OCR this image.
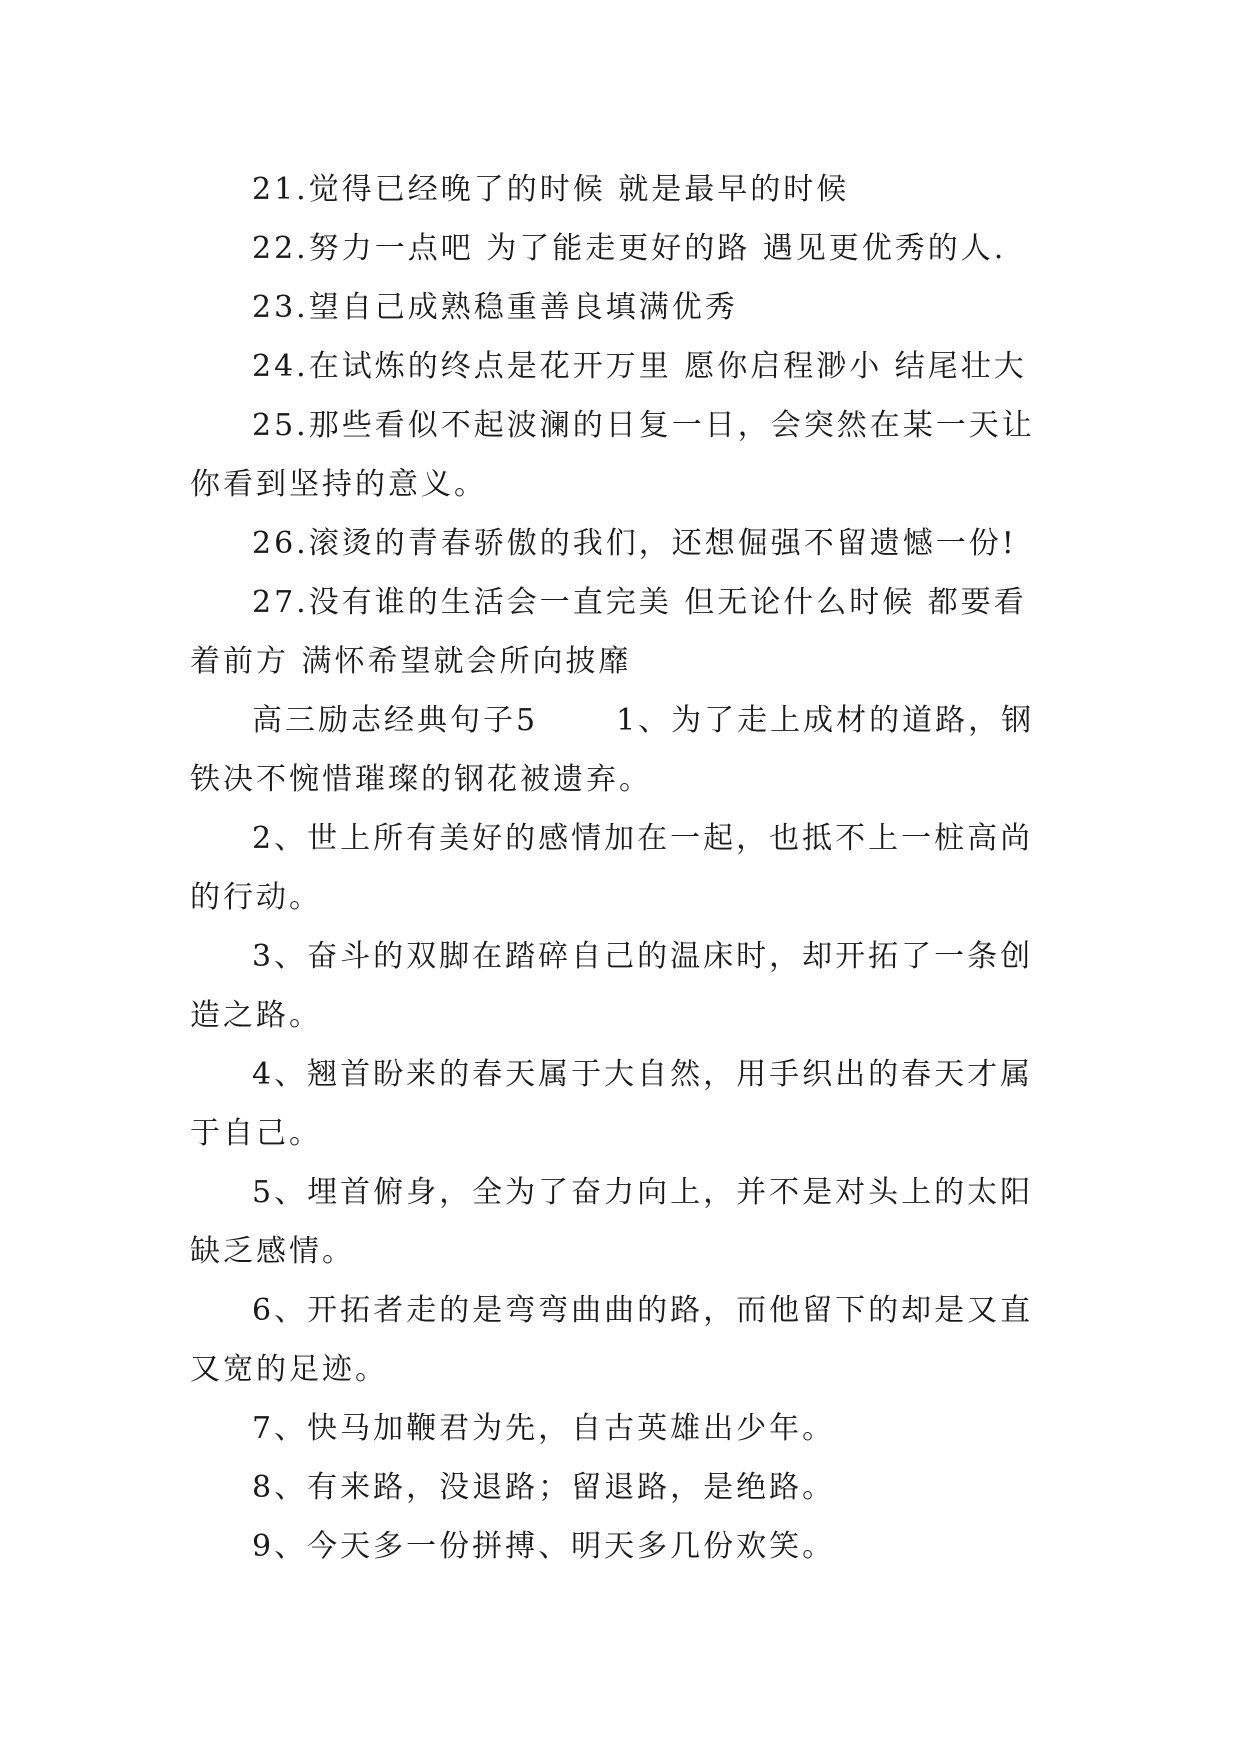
21.觉得已经晚了的时候 就是最早的时候

22.努力一点吧 为了能走更好的路 遇见更优秀的人.

23.望自己成熟稳重善良填满优秀

24.在试炼的终点是花开万里 愿你启程渺小 结尾壮大

25.那些看似不起波澜的日复一日，会突然在某一天让你看到坚持的意义。

26.滚烫的青春骄傲的我们，还想倔强不留遗憾一份!

27.没有谁的生活会一直完美 但无论什么时候 都要看着前方 满怀希望就会所向披靡

高三励志经典句子5	1、为了走上成材的道路，钢铁决不惋惜璀璨的钢花被遗弃。

2、世上所有美好的感情加在一起，也抵不上一桩高尚的行动。

3、奋斗的双脚在踏碎自己的温床时，却开拓了一条创造之路。

4、翘首盼来的春天属于大自然，用手织出的春天才属于自己。

5、埋首俯身，全为了奋力向上，并不是对头上的太阳缺乏感情。

6、开拓者走的是弯弯曲曲的路，而他留下的却是又直又宽的足迹。

7、快马加鞭君为先，自古英雄出少年。

8、有来路，没退路；留退路，是绝路。

9、今天多一份拼搏、明天多几份欢笑。
